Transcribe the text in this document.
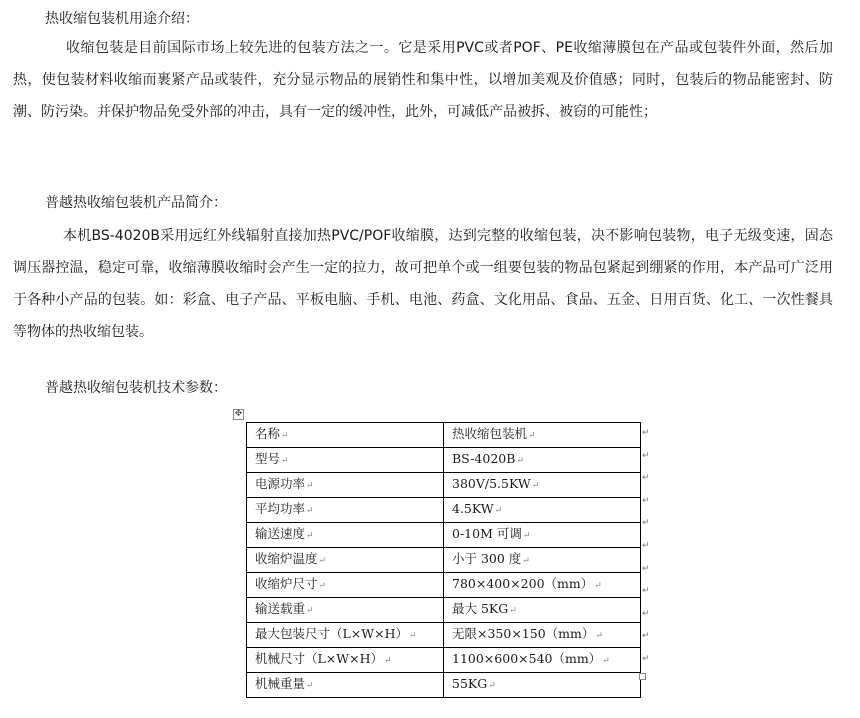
热收缩包装机用途介绍：

收缩包装是目前国际市场上较先进的包装方法之一。它是采用PVC或者POF、PE收缩薄膜包在产品或包装件外面，然后加热，使包装材料收缩而裹紧产品或装件，充分显示物品的展销性和集中性，以增加美观及价值感；同时，包装后的物品能密封、防潮、防污染。并保护物品免受外部的冲击，具有一定的缓冲性，此外，可减低产品被拆、被窃的可能性；

普越热收缩包装机产品简介：

本机BS-4020B采用远红外线辐射直接加热PVC/POF收缩膜，达到完整的收缩包装，决不影响包装物，电子无级变速，固态调压器控温，稳定可靠，收缩薄膜收缩时会产生一定的拉力，故可把单个或一组要包装的物品包紧起到绷紧的作用，本产品可广泛用于各种小产品的包装。如：彩盒、电子产品、平板电脑、手机、电池、药盒、文化用品、食品、五金、日用百货、化工、一次性餐具等物体的热收缩包装。

普越热收缩包装机技术参数：
✥
名称↵	热收缩包装机↵
型号↵	BS-4020B↵
电源功率↵	380V/5.5KW↵
平均功率↵	4.5KW↵
输送速度↵	0-10M 可调↵
收缩炉温度↵	小于 300 度↵
收缩炉尺寸↵	780×400×200（mm）↵
输送载重↵	最大 5KG↵
最大包装尺寸（L×W×H）↵	无限×350×150（mm）↵
机械尺寸（L×W×H）↵	1100×600×540（mm）↵
机械重量↵	55KG↵
↵
↵
↵
↵
↵
↵
↵
↵
↵
↵
↵
